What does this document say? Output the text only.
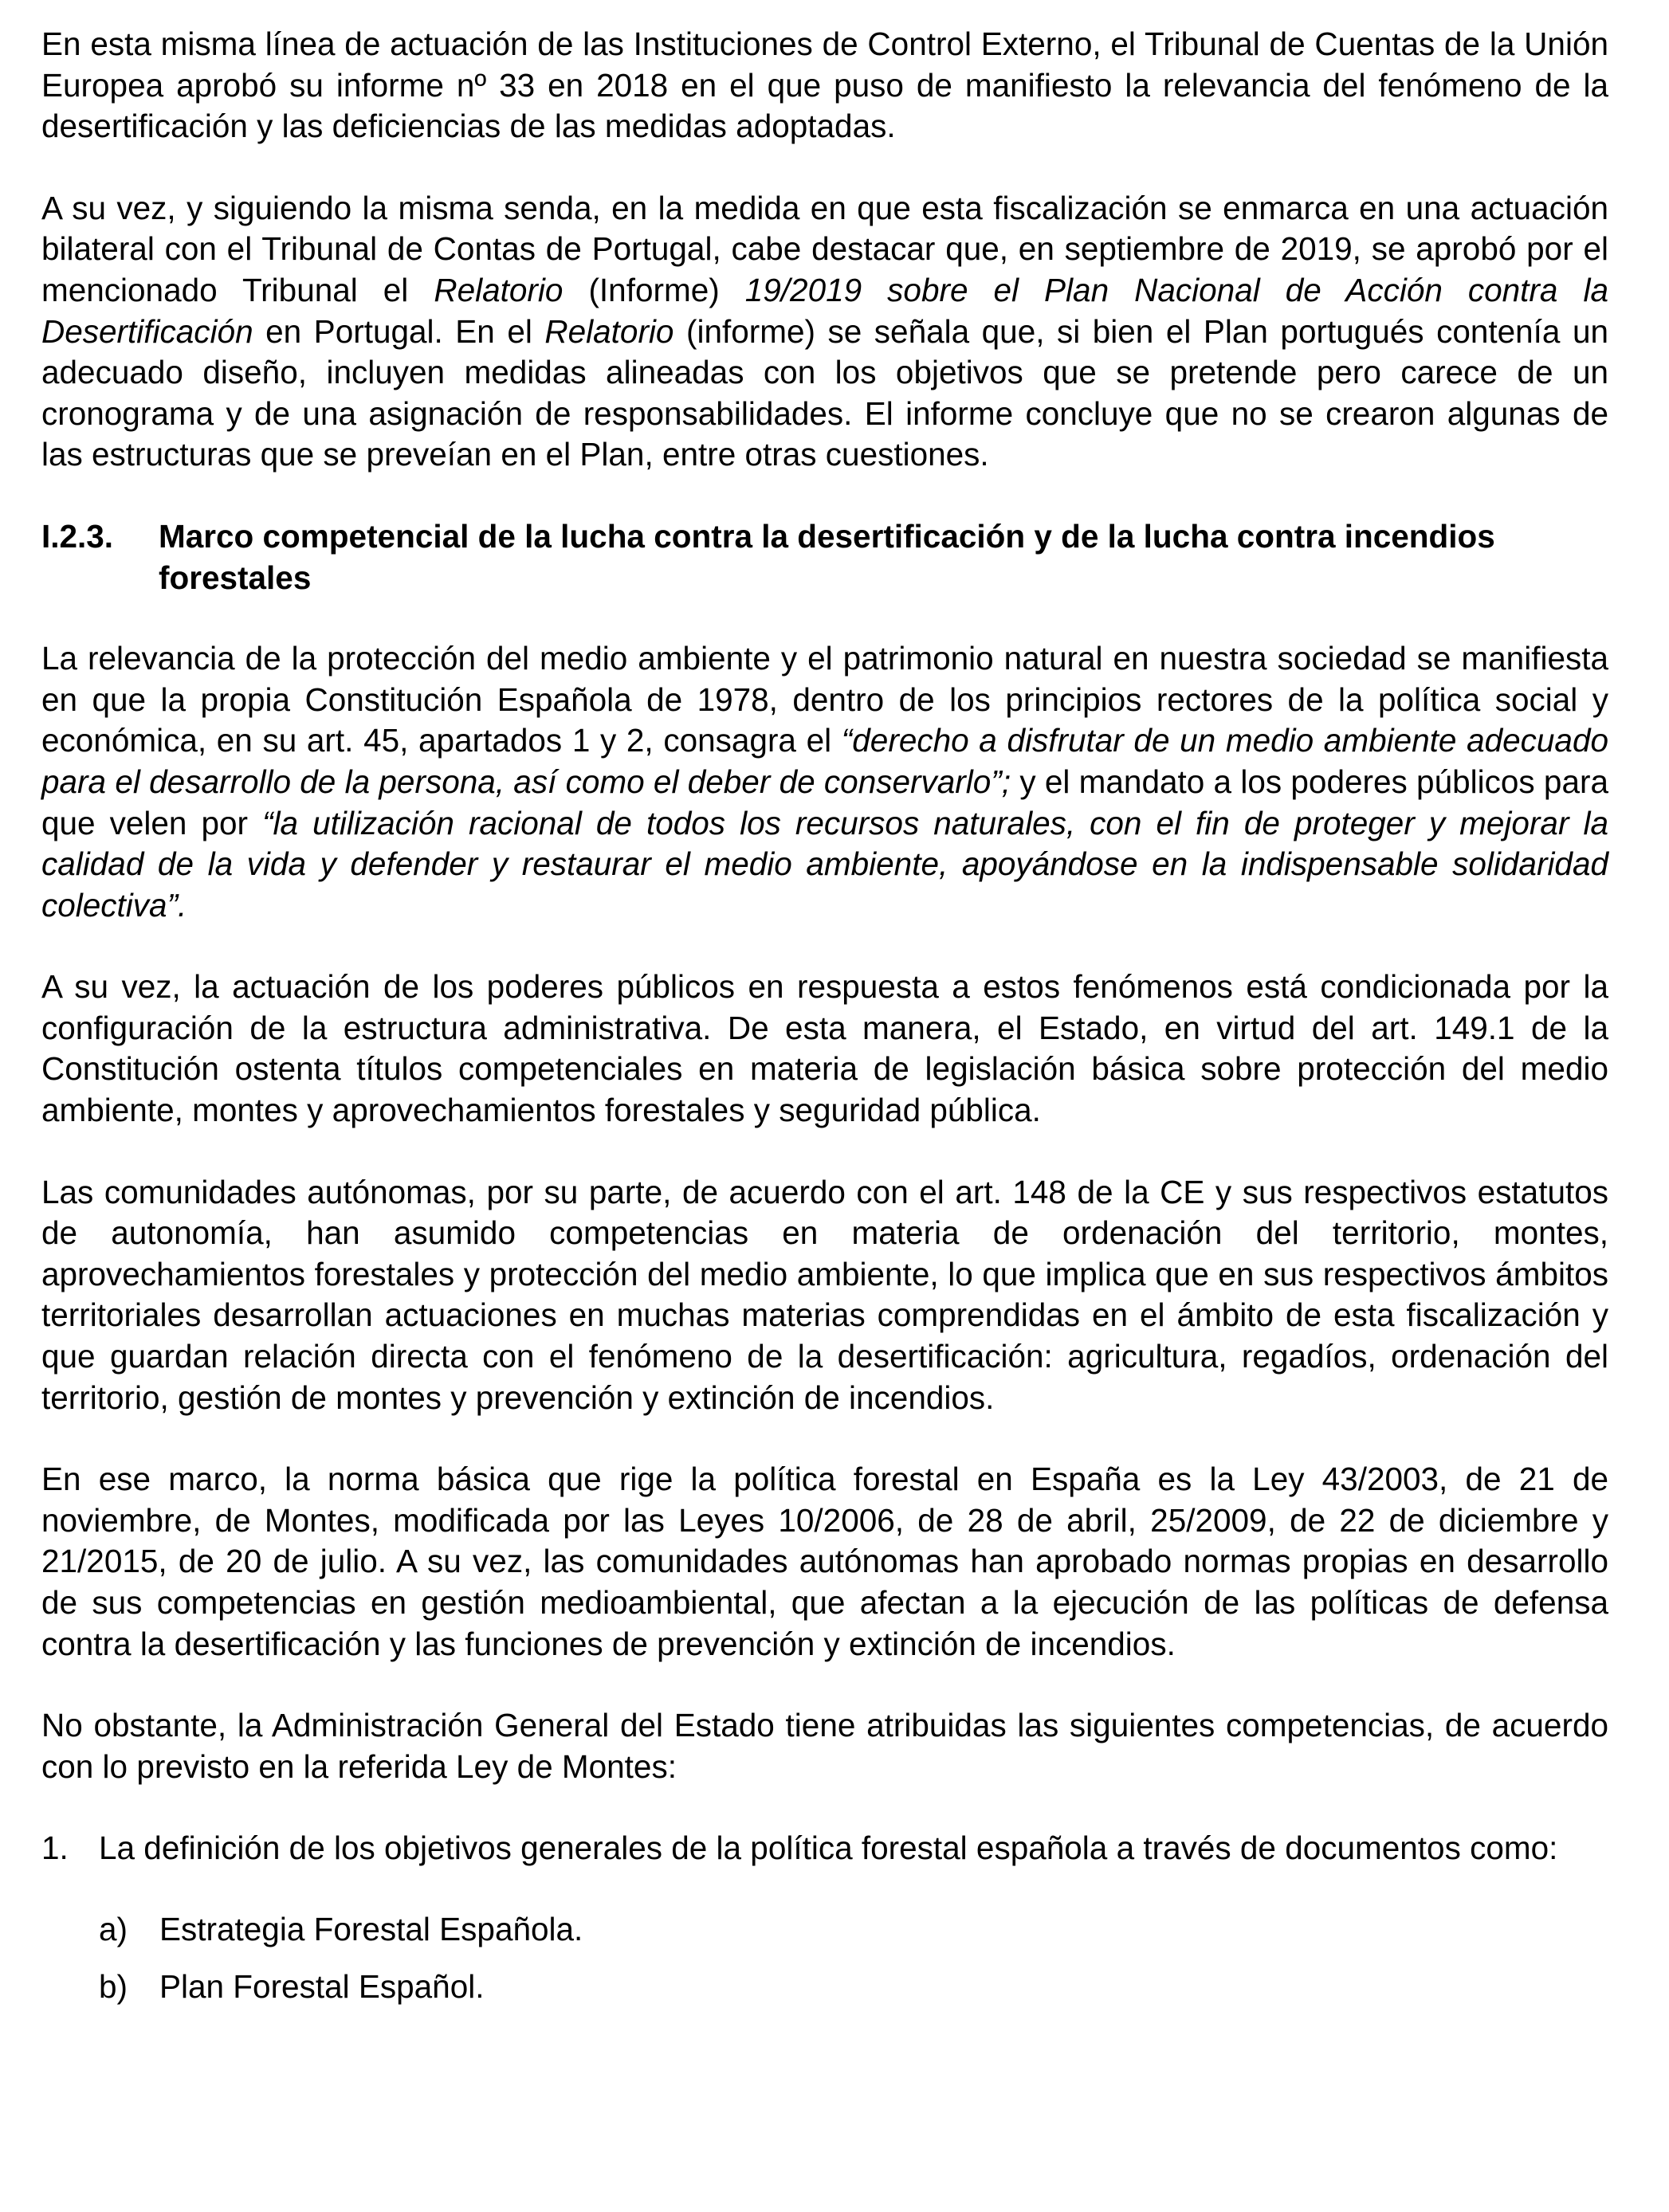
En esta misma línea de actuación de las Instituciones de Control Externo, el Tribunal de Cuentas de la Unión Europea aprobó su informe nº 33 en 2018 en el que puso de manifiesto la relevancia del fenómeno de la desertificación y las deficiencias de las medidas adoptadas.

A su vez, y siguiendo la misma senda, en la medida en que esta fiscalización se enmarca en una actuación bilateral con el Tribunal de Contas de Portugal, cabe destacar que, en septiembre de 2019, se aprobó por el mencionado Tribunal el Relatorio (Informe) 19/2019 sobre el Plan Nacional de Acción contra la Desertificación en Portugal. En el Relatorio (informe) se señala que, si bien el Plan portugués contenía un adecuado diseño, incluyen medidas alineadas con los objetivos que se pretende pero carece de un cronograma y de una asignación de responsabilidades. El informe concluye que no se crearon algunas de las estructuras que se preveían en el Plan, entre otras cuestiones.

I.2.3.	Marco competencial de la lucha contra la desertificación y de la lucha contra incendios forestales

La relevancia de la protección del medio ambiente y el patrimonio natural en nuestra sociedad se manifiesta en que la propia Constitución Española de 1978, dentro de los principios rectores de la política social y económica, en su art. 45, apartados 1 y 2, consagra el “derecho a disfrutar de un medio ambiente adecuado para el desarrollo de la persona, así como el deber de conservarlo”; y el mandato a los poderes públicos para que velen por “la utilización racional de todos los recursos naturales, con el fin de proteger y mejorar la calidad de la vida y defender y restaurar el medio ambiente, apoyándose en la indispensable solidaridad colectiva”.

A su vez, la actuación de los poderes públicos en respuesta a estos fenómenos está condicionada por la configuración de la estructura administrativa. De esta manera, el Estado, en virtud del art. 149.1 de la Constitución ostenta títulos competenciales en materia de legislación básica sobre protección del medio ambiente, montes y aprovechamientos forestales y seguridad pública.

Las comunidades autónomas, por su parte, de acuerdo con el art. 148 de la CE y sus respectivos estatutos de autonomía, han asumido competencias en materia de ordenación del territorio, montes, aprovechamientos forestales y protección del medio ambiente, lo que implica que en sus respectivos ámbitos territoriales desarrollan actuaciones en muchas materias comprendidas en el ámbito de esta fiscalización y que guardan relación directa con el fenómeno de la desertificación: agricultura, regadíos, ordenación del territorio, gestión de montes y prevención y extinción de incendios.

En ese marco, la norma básica que rige la política forestal en España es la Ley 43/2003, de 21 de noviembre, de Montes, modificada por las Leyes 10/2006, de 28 de abril, 25/2009, de 22 de diciembre y 21/2015, de 20 de julio. A su vez, las comunidades autónomas han aprobado normas propias en desarrollo de sus competencias en gestión medioambiental, que afectan a la ejecución de las políticas de defensa contra la desertificación y las funciones de prevención y extinción de incendios.

No obstante, la Administración General del Estado tiene atribuidas las siguientes competencias, de acuerdo con lo previsto en la referida Ley de Montes:

1. La definición de los objetivos generales de la política forestal española a través de documentos como:
a) Estrategia Forestal Española.
b) Plan Forestal Español.
